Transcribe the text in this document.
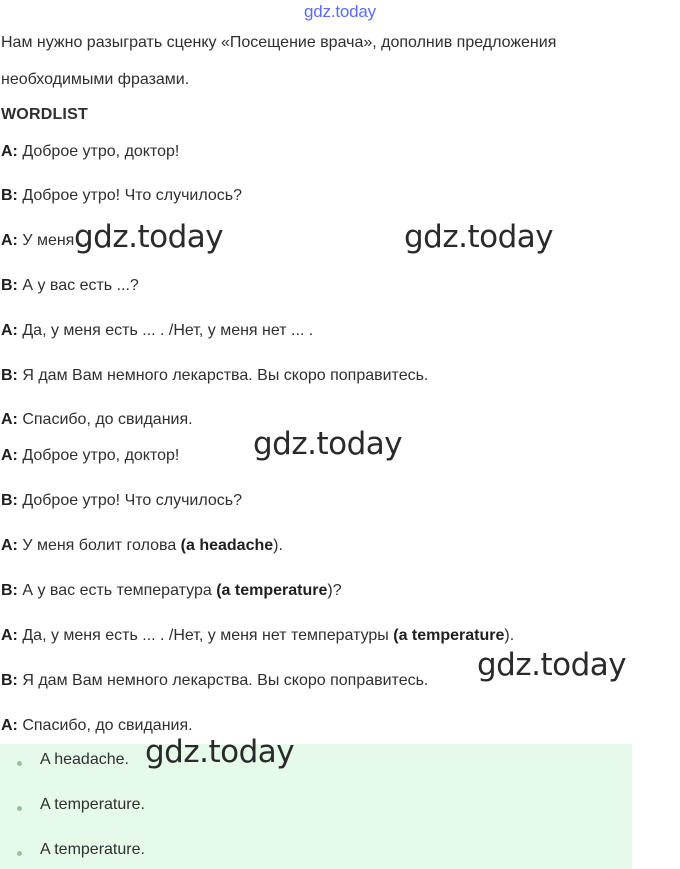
gdz.today
Нам нужно разыграть сценку «Посещение врача», дополнив предложения
необходимыми фразами.
WORDLIST
A: Доброе утро, доктор!
B: Доброе утро! Что случилось?
A: У меня ...
B: А у вас есть ...?
A: Да, у меня есть ... . /Нет, у меня нет ... .
B: Я дам Вам немного лекарства. Вы скоро поправитесь.
A: Спасибо, до свидания.
A: Доброе утро, доктор!
B: Доброе утро! Что случилось?
A: У меня болит голова (a headache).
B: А у вас есть температура (a temperature)?
A: Да, у меня есть ... . /Нет, у меня нет температуры (a temperature).
B: Я дам Вам немного лекарства. Вы скоро поправитесь.
A: Спасибо, до свидания.
A headache.
A temperature.
A temperature.
gdz.today	gdz.today
gdz.today
gdz.today
gdz.today
